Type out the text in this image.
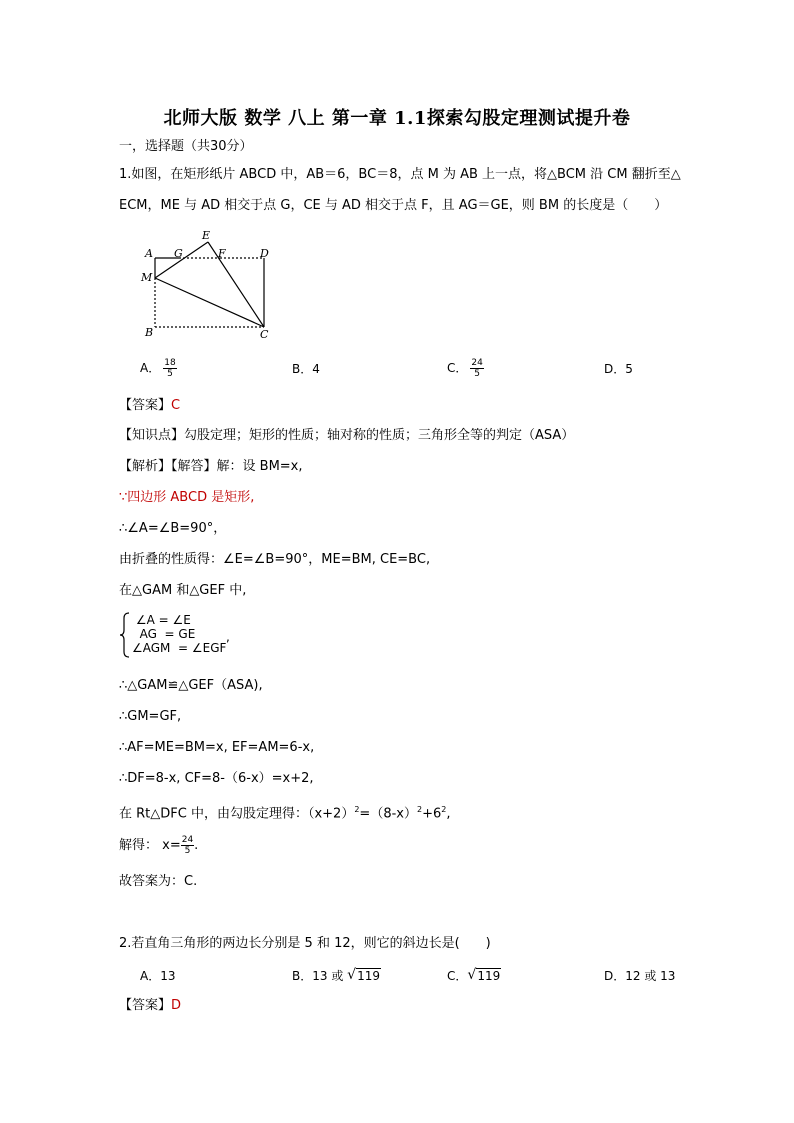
北师大版 数学 八上 第一章 1.1探索勾股定理测试提升卷
一，选择题（共30分）
1.如图，在矩形纸片 ABCD 中，AB＝6，BC＝8，点 M 为 AB 上一点，将△BCM 沿 CM 翻折至△
ECM，ME 与 AD 相交于点 G，CE 与 AD 相交于点 F，且 AG＝GE，则 BM 的长度是（　　）
A G
E
F	D
M
B	C
A． $\frac{18}{5}$	B．4	C． $\frac{24}{5}$	D．5
【答案】C
【知识点】勾股定理；矩形的性质；轴对称的性质；三角形全等的判定（ASA）
【解析】【解答】解：设 BM=x,
∵四边形 ABCD 是矩形,
∴∠A=∠B=90°，
由折叠的性质得：∠E=∠B=90°，ME=BM, CE=BC,
在△GAM 和△GEF 中,
∠A = ∠E
AG  = GE
∠AGM  = ∠EGF
,
∴△GAM≌△GEF（ASA),
∴GM=GF,
∴AF=ME=BM=x, EF=AM=6-x,
∴DF=8-x, CF=8-（6-x）=x+2,
在 Rt△DFC 中，由勾股定理得：$(x+2)^2=(8-x)^2+6^2$,
解得： $x= \frac{24}{5}$ .
故答案为：C.
2.若直角三角形的两边长分别是 5 和 12，则它的斜边长是(　　)
A．13	B．13 或 √ 119	C． √ 119	D．12 或 13
【答案】D
